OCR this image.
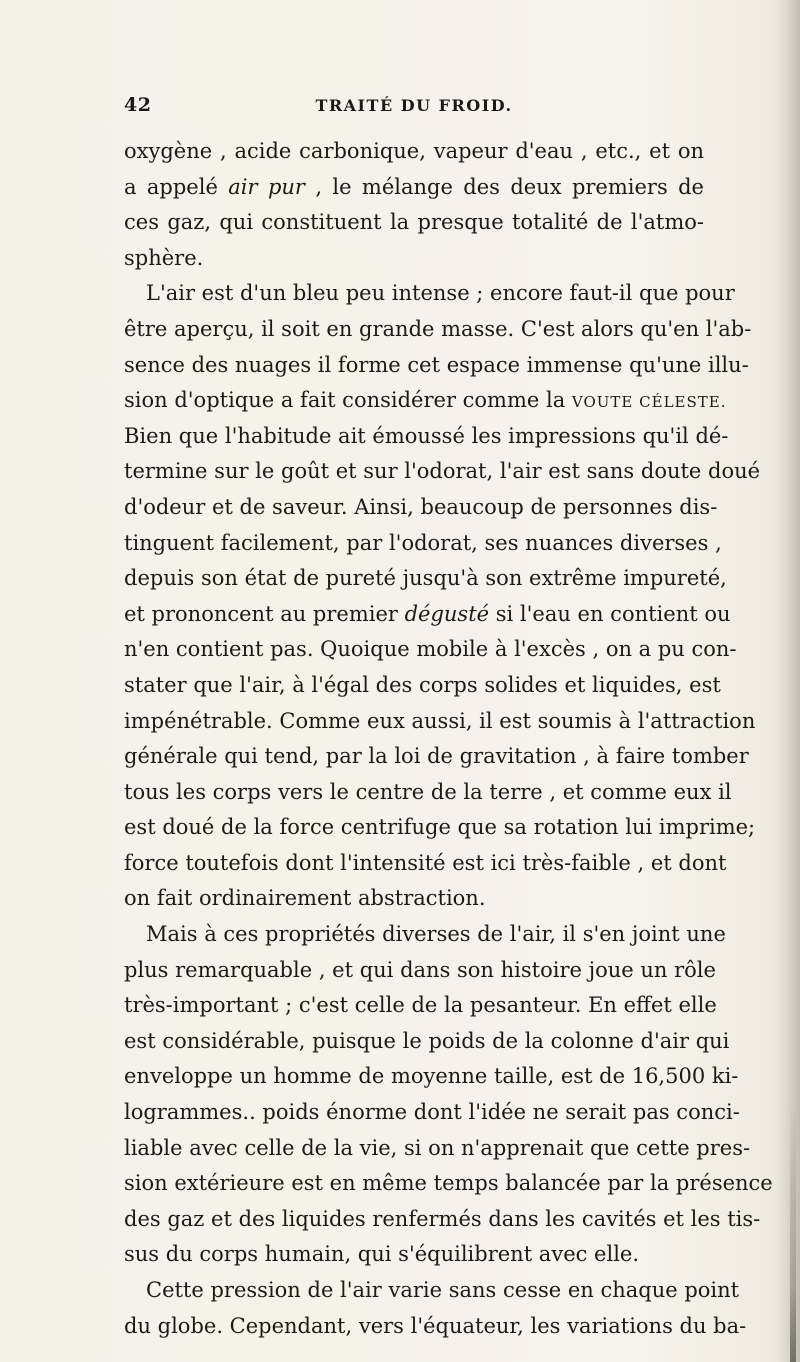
42	TRAITÉ DU FROID.
oxygène , acide carbonique, vapeur d'eau , etc., et on
a appelé air pur , le mélange des deux premiers de
ces gaz, qui constituent la presque totalité de l'atmo-
sphère.
L'air est d'un bleu peu intense ; encore faut-il que pour
être aperçu, il soit en grande masse. C'est alors qu'en l'ab-
sence des nuages il forme cet espace immense qu'une illu-
sion d'optique a fait considérer comme la VOUTE CÉLESTE.
Bien que l'habitude ait émoussé les impressions qu'il dé-
termine sur le goût et sur l'odorat, l'air est sans doute doué
d'odeur et de saveur. Ainsi, beaucoup de personnes dis-
tinguent facilement, par l'odorat, ses nuances diverses ,
depuis son état de pureté jusqu'à son extrême impureté,
et prononcent au premier dégusté si l'eau en contient ou
n'en contient pas. Quoique mobile à l'excès , on a pu con-
stater que l'air, à l'égal des corps solides et liquides, est
impénétrable. Comme eux aussi, il est soumis à l'attraction
générale qui tend, par la loi de gravitation , à faire tomber
tous les corps vers le centre de la terre , et comme eux il
est doué de la force centrifuge que sa rotation lui imprime;
force toutefois dont l'intensité est ici très-faible , et dont
on fait ordinairement abstraction.
Mais à ces propriétés diverses de l'air, il s'en joint une
plus remarquable , et qui dans son histoire joue un rôle
très-important ; c'est celle de la pesanteur. En effet elle
est considérable, puisque le poids de la colonne d'air qui
enveloppe un homme de moyenne taille, est de 16,500 ki-
logrammes.. poids énorme dont l'idée ne serait pas conci-
liable avec celle de la vie, si on n'apprenait que cette pres-
sion extérieure est en même temps balancée par la présence
des gaz et des liquides renfermés dans les cavités et les tis-
sus du corps humain, qui s'équilibrent avec elle.
Cette pression de l'air varie sans cesse en chaque point
du globe. Cependant, vers l'équateur, les variations du ba-
